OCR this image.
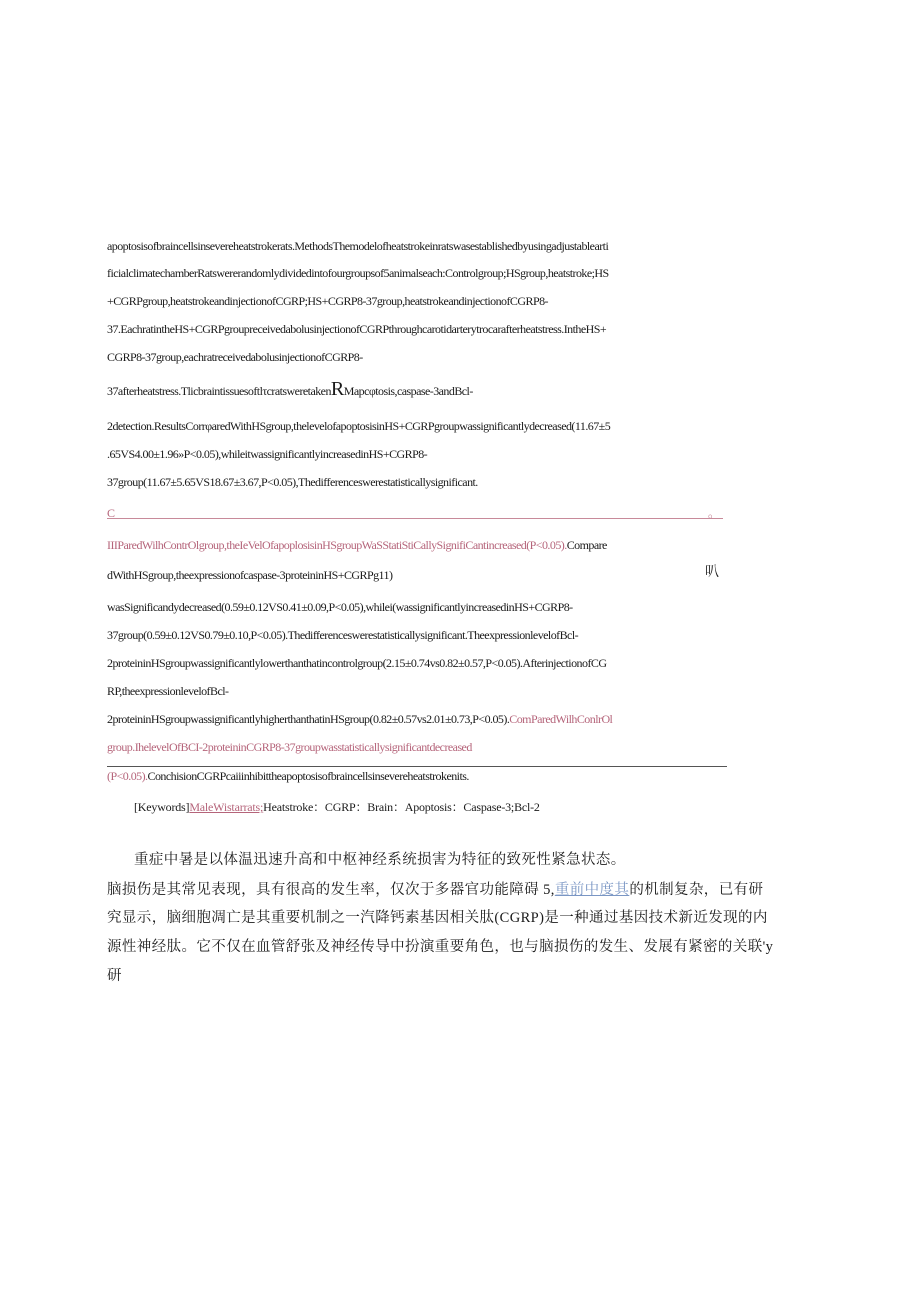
apoptosisofbraincellsinsevereheatstrokerats.MethodsThemodelofheatstrokeinratswasestablishedbyusingadjustablearti
ficialclimatechamberRatswererandomlydividedintofourgroupsof5animalseach:Controlgroup;HSgroup,heatstroke;HS
+CGRPgroup,heatstrokeandinjectionofCGRP;HS+CGRP8-37group,heatstrokeandinjectionofCGRP8-
37.EachratintheHS+CGRPgroupreceivedabolusinjectionofCGRPthroughcarotidarterytrocarafterheatstress.IntheHS+
CGRP8-37group,eachratreceivedabolusinjectionofCGRP8-
37afterheatstress.TlicbraintissuesoftlτcratsweretakenRMapcφtosis,caspase-3andBcl-
2detection.ResultsCorrφaredWithHSgroup,thelevelofapoptosisinHS+CGRPgroupwassignificantlydecreased(11.67±5
.65VS4.00±1.96»P<0.05),whileitwassignificantlyincreasedinHS+CGRP8-
37group(11.67±5.65VS18.67±3.67,P<0.05),Thedifferenceswerestatisticallysignificant.
C	。
IIIParedWilhContrOlgroup,theIeVelOfapoplosisinHSgroupWaSStatiStiCallySignifiCantincreased(P<0.05).Compare
dWithHSgroup,theexpressionofcaspase-3proteininHS+CGRPg11)	叭
wasSignificandydecreased(0.59±0.12VS0.41±0.09,P<0.05),whilei(wassignificantlyincreasedinHS+CGRP8-
37group(0.59±0.12VS0.79±0.10,P<0.05).Thedifferenceswerestatisticallysignificant.TheexpressionlevelofBcl-
2proteininHSgroupwassignificantlylowerthanthatincontrolgroup(2.15±0.74vs0.82±0.57,P<0.05).AfterinjectionofCG
RP,theexpressionlevelofBcl-
2proteininHSgroupwassignificantlyhigherthanthatinHSgroup(0.82±0.57vs2.01±0.73,P<0.05).ComParedWilhConlrOl
group.IhelevelOfBCI-2proteininCGRP8-37groupwasstatisticallysignificantdecreased
(P<0.05).ConchisionCGRPcaiiinhibittheapoptosisofbraincellsinsevereheatstrokenits.
[Keywords]MaleWistarrats;Heatstroke：CGRP：Brain：Apoptosis：Caspase-3;Bcl-2
重症中暑是以体温迅速升高和中枢神经系统损害为特征的致死性紧急状态。
脑损伤是其常见表现，具有很高的发生率，仅次于多器官功能障碍 5,重前中度其的机制复杂，已有研
究显示，脑细胞凋亡是其重要机制之一汽降钙素基因相关肽(CGRP)是一种通过基因技术新近发现的内
源性神经肽。它不仅在血管舒张及神经传导中扮演重要角色，也与脑损伤的发生、发展有紧密的关联'y
研
